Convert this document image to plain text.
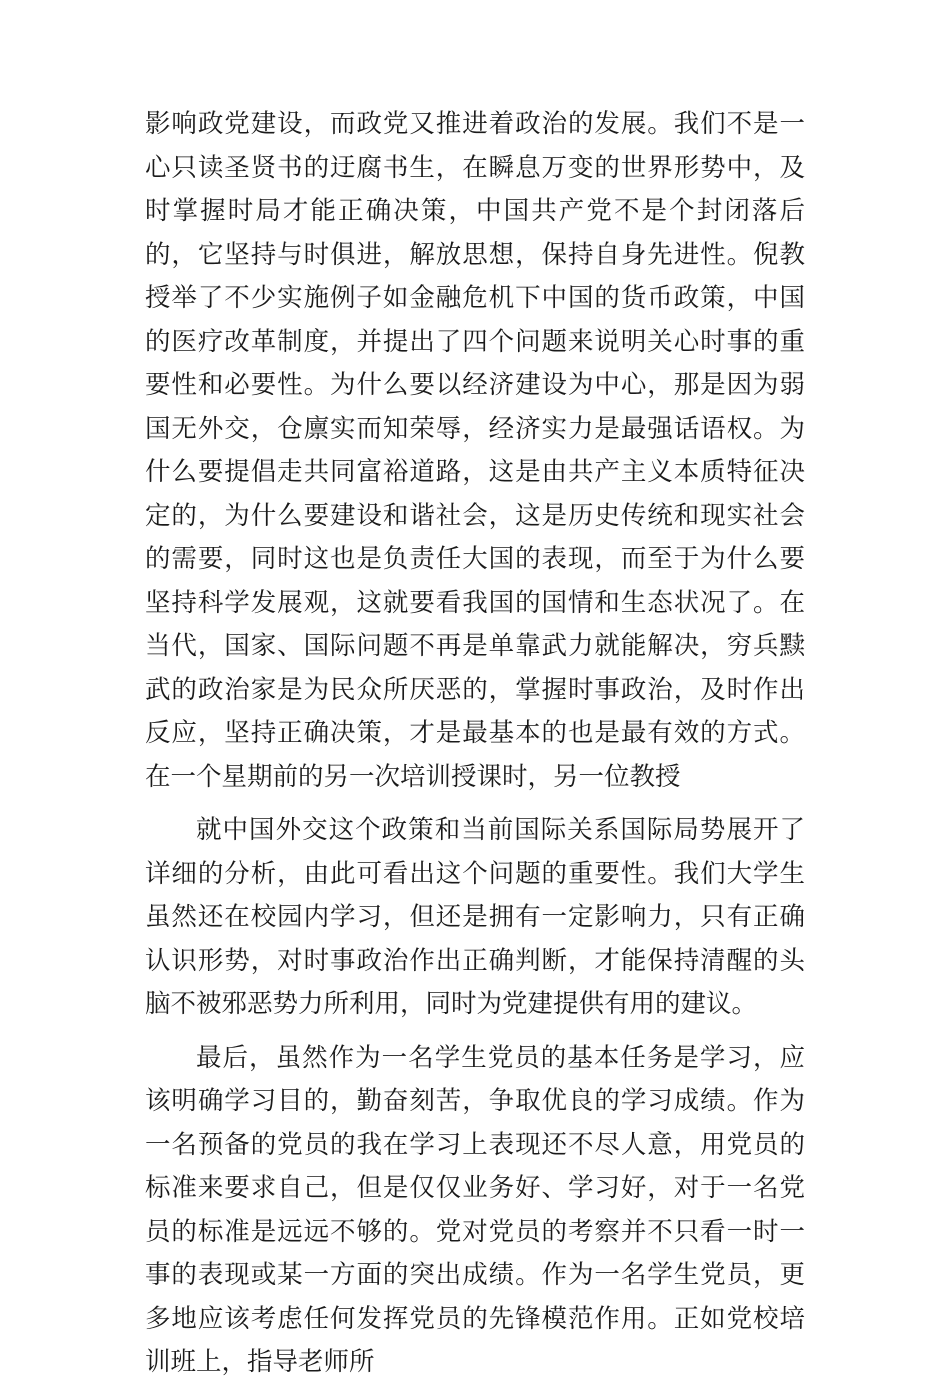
影响政党建设，而政党又推进着政治的发展。我们不是一心只读圣贤书的迂腐书生，在瞬息万变的世界形势中，及时掌握时局才能正确决策，中国共产党不是个封闭落后的，它坚持与时俱进，解放思想，保持自身先进性。倪教授举了不少实施例子如金融危机下中国的货币政策，中国的医疗改革制度，并提出了四个问题来说明关心时事的重要性和必要性。为什么要以经济建设为中心，那是因为弱国无外交，仓廪实而知荣辱，经济实力是最强话语权。为什么要提倡走共同富裕道路，这是由共产主义本质特征决定的，为什么要建设和谐社会，这是历史传统和现实社会的需要，同时这也是负责任大国的表现，而至于为什么要坚持科学发展观，这就要看我国的国情和生态状况了。在当代，国家、国际问题不再是单靠武力就能解决，穷兵黩武的政治家是为民众所厌恶的，掌握时事政治，及时作出反应，坚持正确决策，才是最基本的也是最有效的方式。在一个星期前的另一次培训授课时，另一位教授

就中国外交这个政策和当前国际关系国际局势展开了详细的分析，由此可看出这个问题的重要性。我们大学生虽然还在校园内学习，但还是拥有一定影响力，只有正确认识形势，对时事政治作出正确判断，才能保持清醒的头脑不被邪恶势力所利用，同时为党建提供有用的建议。

最后，虽然作为一名学生党员的基本任务是学习，应该明确学习目的，勤奋刻苦，争取优良的学习成绩。作为一名预备的党员的我在学习上表现还不尽人意，用党员的标准来要求自己，但是仅仅业务好、学习好，对于一名党员的标准是远远不够的。党对党员的考察并不只看一时一事的表现或某一方面的突出成绩。作为一名学生党员，更多地应该考虑任何发挥党员的先锋模范作用。正如党校培训班上，指导老师所
